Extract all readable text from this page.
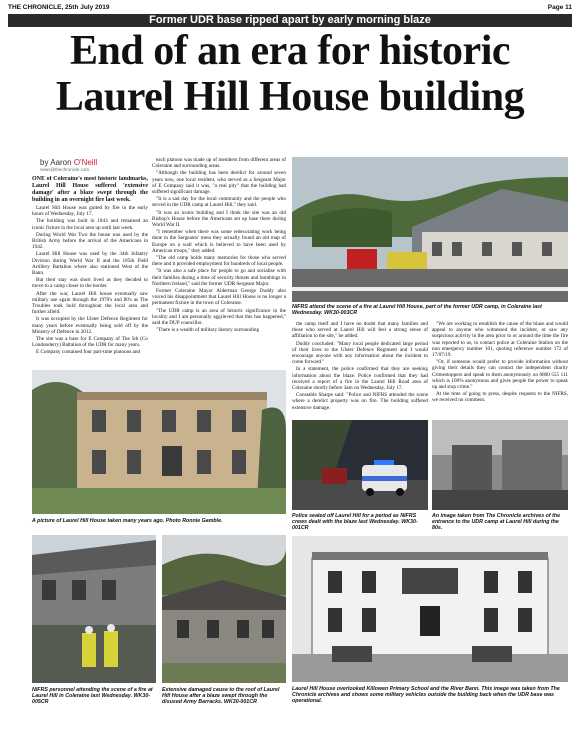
THE CHRONICLE, 25th July 2019	Page 11
Former UDR base ripped apart by early morning blaze
End of an era for historic
Laurel Hill House building
by Aaron O'Neill
news@thechronicle.com

ONE of Coleraine's most historic landmarks, Laurel Hill House suffered 'extensive damage' after a blaze swept through the building in an overnight fire last week.

Laurel Hill House was gutted by fire in the early hours of Wednesday, July 17.

The building was built in 1843 and remained an iconic fixture in the local area up until last week.

During World War Two the house was used by the British Army before the arrival of the Americans in 1942.

Laurel Hill House was used by the 34th Infantry Division during World War II and the 185th Field Artillery Battalion where also stationed West of the Bann.

But their stay was short lived as they decided to move to a camp closer to the border.

After the war, Laurel Hill house eventually saw military use again through the 1970's and 80's as The Troubles took hold throughout the local area and further afield.

It was occupied by the Ulster Defence Regiment for many years before eventually being sold off by the Ministry of Defence in 2012.

The site was a base for E Company of The 5th (Co Londonderry) Battalion of the UDR for many years.

E Company contained four part-time platoons and

each platoon was made up of members from different areas of Coleraine and surrounding areas.

"Although the building has been derelict for around seven years now, one local resident, who served as a Sergeant Major of E Company said it was, "a real pity" that the building had suffered significant damage.

"It is a sad day for the local community and the people who served in the UDR camp at Laurel Hill," they said.

"It was an iconic building and I think the site was an old Bishop's House before the Americans set up base there during World War II.

"I remember when there was some redecorating work being done in the Sergeants' mess they actually found an old map of Europe on a wall which is believed to have been used by American troops," they added.

"The old camp holds many memories for those who served there and it provided employment for hundreds of local people.

"It was also a safe place for people to go and socialise with their families during a time of security threats and bombings in Northern Ireland," said the former UDR Sergeant Major.

Former Coleraine Mayor Alderman George Duddy also voiced his disappointment that Laurel Hill House is no longer a permanent fixture in the town of Coleraine.

"The UDR camp is an area of historic significance in the locality and I am personally aggrieved that this has happened," said the DUP councillor.

"There is a wealth of military history surrounding

the camp itself and I have no doubt that many families and those who served at Laurel Hill will feel a strong sense of affiliation to the site," he added.

Duddy concluded: "Many local people dedicated large period of their lives to the Ulster Defence Regiment and I would encourage anyone with any information about the incident to come forward."

In a statement, the police confirmed that they are seeking information about the blaze. Police confirmed that they had received a report of a fire in the Laurel Hill Road area of Coleraine shortly before 3am on Wednesday, July 17.

Constable Sharpe said: "Police and NIFRS attended the scene where a derelict property was on fire. The building suffered extensive damage.

"We are working to establish the cause of the blaze and would appeal to anyone who witnessed the incident, or saw any suspicious activity in the area prior to or around the time the fire was reported to us, to contact police at Coleraine Station on the non emergency number 101, quoting reference number 172 of 17/07/19.

"Or, if someone would prefer to provide information without giving their details they can contact the independent charity Crimestoppers and speak to them anonymously on 0800 555 111 which is 100% anonymous and gives people the power to speak up and stop crime."

At the time of going to press, despite requests to the NIFRS, we received no comment.

NIFRS attend the scene of a fire at Laurel Hill House, part of the former UDR camp, in Coleraine last Wednesday. WK30-003CR
A picture of Laurel Hill House taken many years ago. Photo Ronnie Gamble.
Police sealed off Laurel Hill for a period as NIFRS crews dealt with the blaze last Wednesday. WK30-001CR
An image taken from The Chronicle archives of the entrance to the UDR camp at Laurel Hill during the 80s.
NIFRS personnel attending the scene of a fire at Laurel Hill in Coleraine last Wednesday. WK30-005CR
Extensive damaged cause to the roof of Laurel Hill House after a blaze swept through the disused Army Barracks. WK30-001CR
Laurel Hill House overlooked Killowen Primary School and the River Bann. This image was taken from The Chronicle archives and shows some military vehicles outside the building back when the UDR base was operational.
